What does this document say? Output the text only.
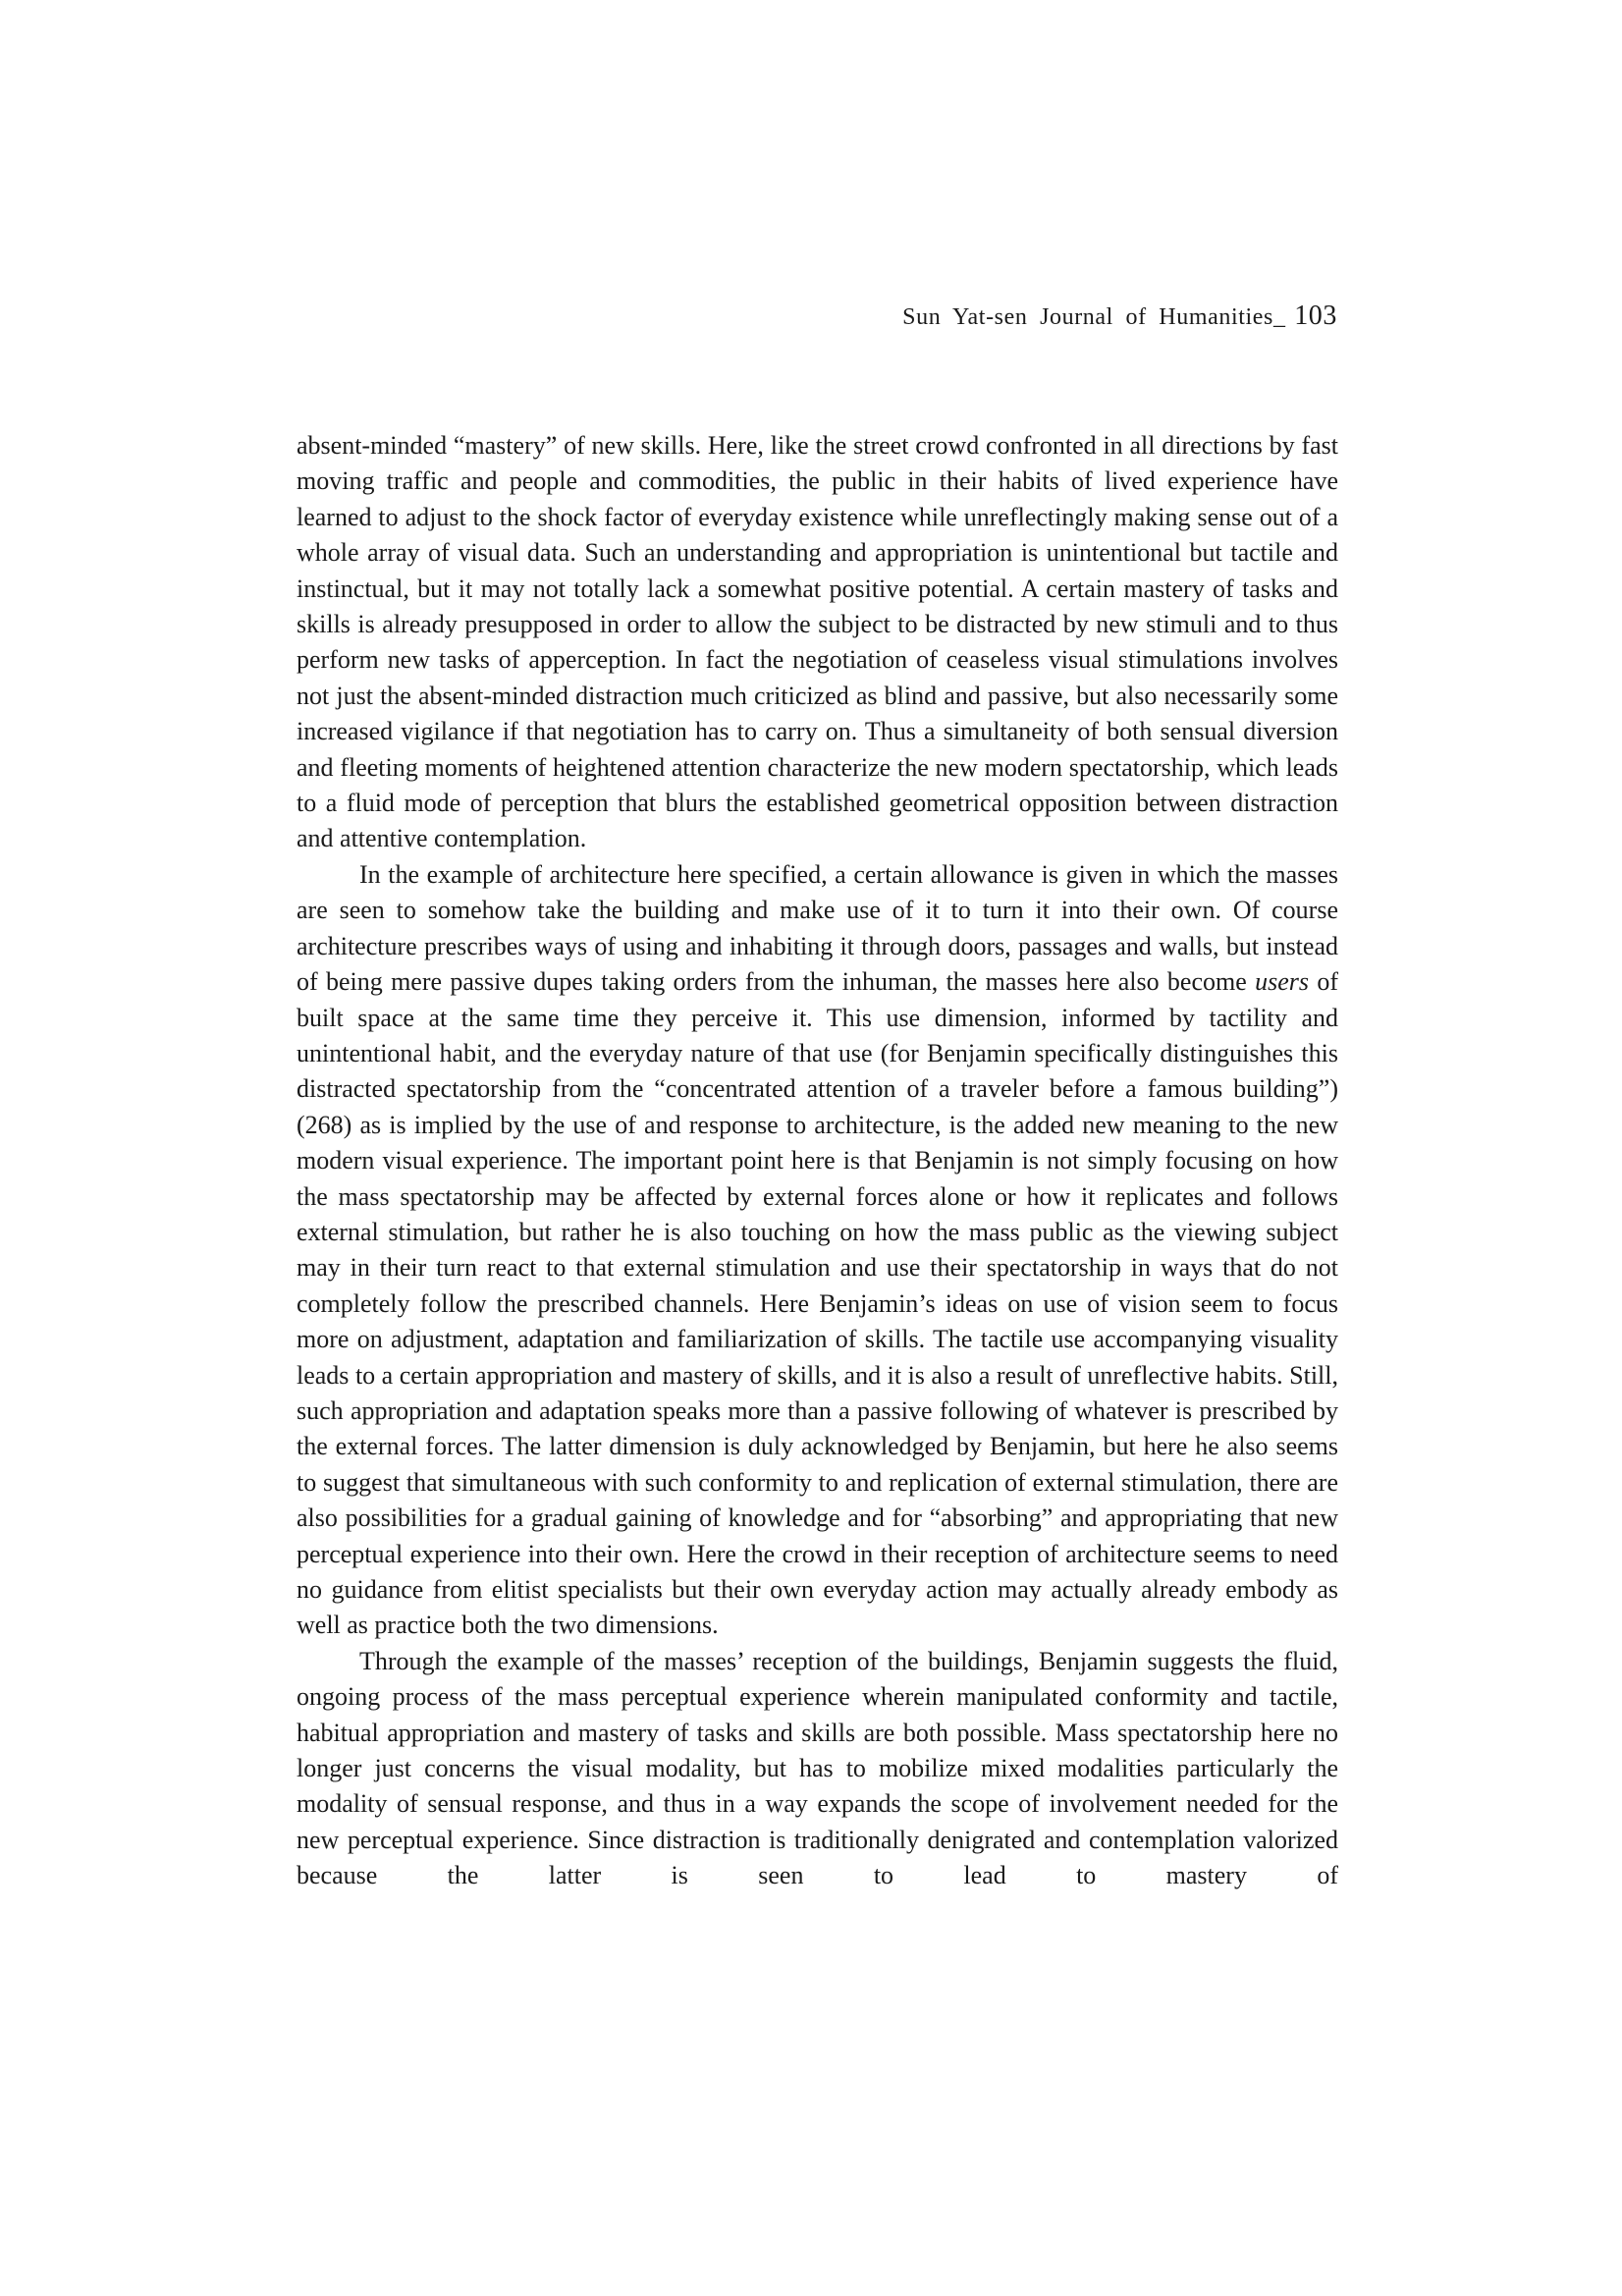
Sun Yat-sen Journal of Humanities_ 103

absent-minded “mastery” of new skills. Here, like the street crowd confronted in all directions by fast moving traffic and people and commodities, the public in their habits of lived experience have learned to adjust to the shock factor of everyday existence while unreflectingly making sense out of a whole array of visual data. Such an understanding and appropriation is unintentional but tactile and instinctual, but it may not totally lack a somewhat positive potential. A certain mastery of tasks and skills is already presupposed in order to allow the subject to be distracted by new stimuli and to thus perform new tasks of apperception. In fact the negotiation of ceaseless visual stimulations involves not just the absent-minded distraction much criticized as blind and passive, but also necessarily some increased vigilance if that negotiation has to carry on. Thus a simultaneity of both sensual diversion and fleeting moments of heightened attention characterize the new modern spectatorship, which leads to a fluid mode of perception that blurs the established geometrical opposition between distraction and attentive contemplation.

In the example of architecture here specified, a certain allowance is given in which the masses are seen to somehow take the building and make use of it to turn it into their own. Of course architecture prescribes ways of using and inhabiting it through doors, passages and walls, but instead of being mere passive dupes taking orders from the inhuman, the masses here also become users of built space at the same time they perceive it. This use dimension, informed by tactility and unintentional habit, and the everyday nature of that use (for Benjamin specifically distinguishes this distracted spectatorship from the “concentrated attention of a traveler before a famous building”) (268) as is implied by the use of and response to architecture, is the added new meaning to the new modern visual experience. The important point here is that Benjamin is not simply focusing on how the mass spectatorship may be affected by external forces alone or how it replicates and follows external stimulation, but rather he is also touching on how the mass public as the viewing subject may in their turn react to that external stimulation and use their spectatorship in ways that do not completely follow the prescribed channels. Here Benjamin’s ideas on use of vision seem to focus more on adjustment, adaptation and familiarization of skills. The tactile use accompanying visuality leads to a certain appropriation and mastery of skills, and it is also a result of unreflective habits. Still, such appropriation and adaptation speaks more than a passive following of whatever is prescribed by the external forces. The latter dimension is duly acknowledged by Benjamin, but here he also seems to suggest that simultaneous with such conformity to and replication of external stimulation, there are also possibilities for a gradual gaining of knowledge and for “absorbing” and appropriating that new perceptual experience into their own. Here the crowd in their reception of architecture seems to need no guidance from elitist specialists but their own everyday action may actually already embody as well as practice both the two dimensions.

Through the example of the masses’ reception of the buildings, Benjamin suggests the fluid, ongoing process of the mass perceptual experience wherein manipulated conformity and tactile, habitual appropriation and mastery of tasks and skills are both possible. Mass spectatorship here no longer just concerns the visual modality, but has to mobilize mixed modalities particularly the modality of sensual response, and thus in a way expands the scope of involvement needed for the new perceptual experience. Since distraction is traditionally denigrated and contemplation valorized because the latter is seen to lead to mastery of
